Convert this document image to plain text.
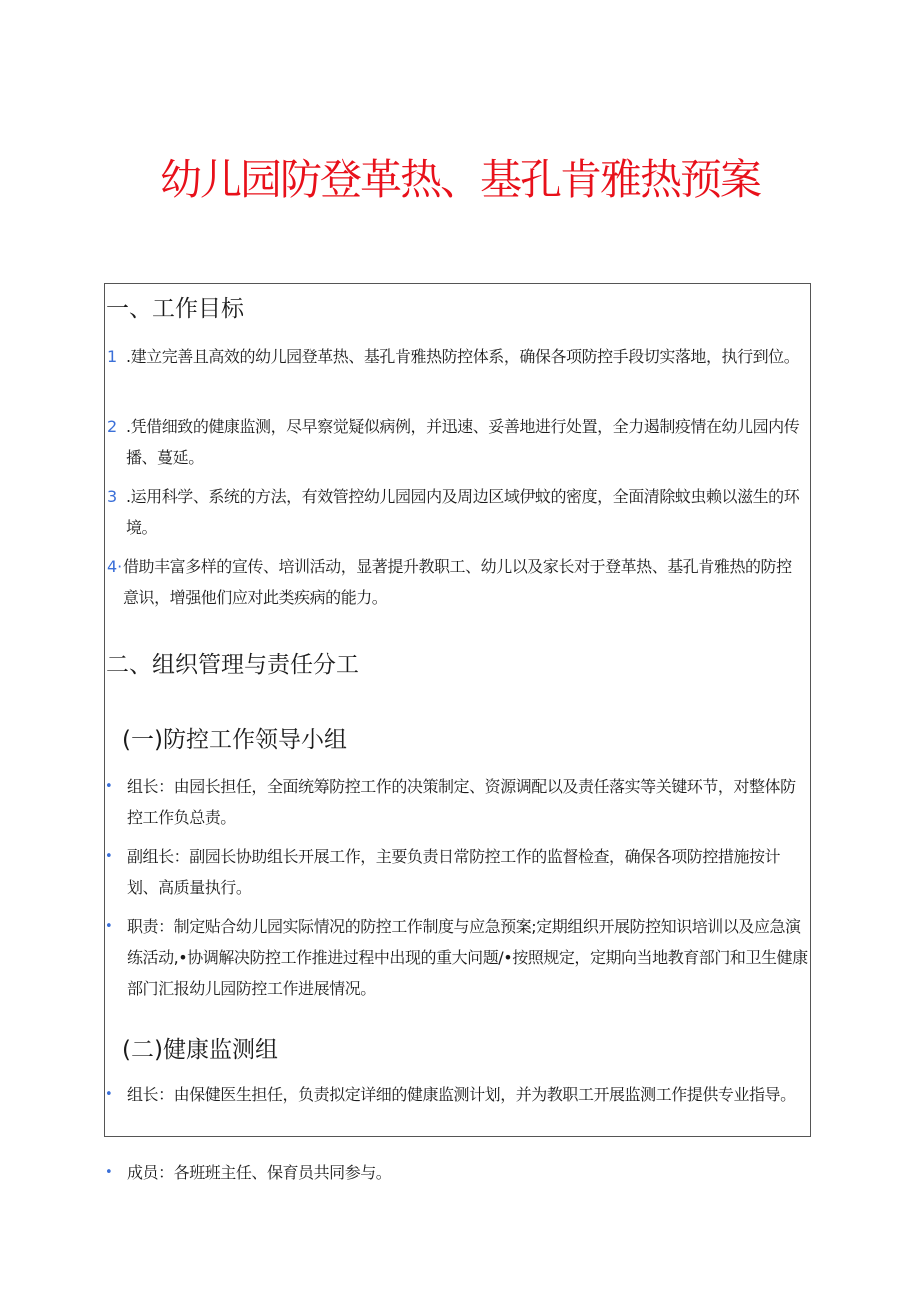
幼儿园防登革热、基孔肯雅热预案
一、工作目标
1 .建立完善且高效的幼儿园登革热、基孔肯雅热防控体系，确保各项防控手段切实落地，执行到位。

2 .凭借细致的健康监测，尽早察觉疑似病例，并迅速、妥善地进行处置，全力遏制疫情在幼儿园内传播、蔓延。

3 .运用科学、系统的方法，有效管控幼儿园园内及周边区域伊蚊的密度，全面清除蚊虫赖以滋生的环境。

4· 借助丰富多样的宣传、培训活动，显著提升教职工、幼儿以及家长对于登革热、基孔肯雅热的防控意识，增强他们应对此类疾病的能力。

二、组织管理与责任分工
(一)防控工作领导小组
• 组长：由园长担任，全面统筹防控工作的决策制定、资源调配以及责任落实等关键环节，对整体防控工作负总责。

• 副组长：副园长协助组长开展工作，主要负责日常防控工作的监督检查，确保各项防控措施按计划、高质量执行。

• 职责：制定贴合幼儿园实际情况的防控工作制度与应急预案;定期组织开展防控知识培训以及应急演练活动,•协调解决防控工作推进过程中出现的重大问题/•按照规定，定期向当地教育部门和卫生健康部门汇报幼儿园防控工作进展情况。

(二)健康监测组
• 组长：由保健医生担任，负责拟定详细的健康监测计划，并为教职工开展监测工作提供专业指导。

• 成员：各班班主任、保育员共同参与。
